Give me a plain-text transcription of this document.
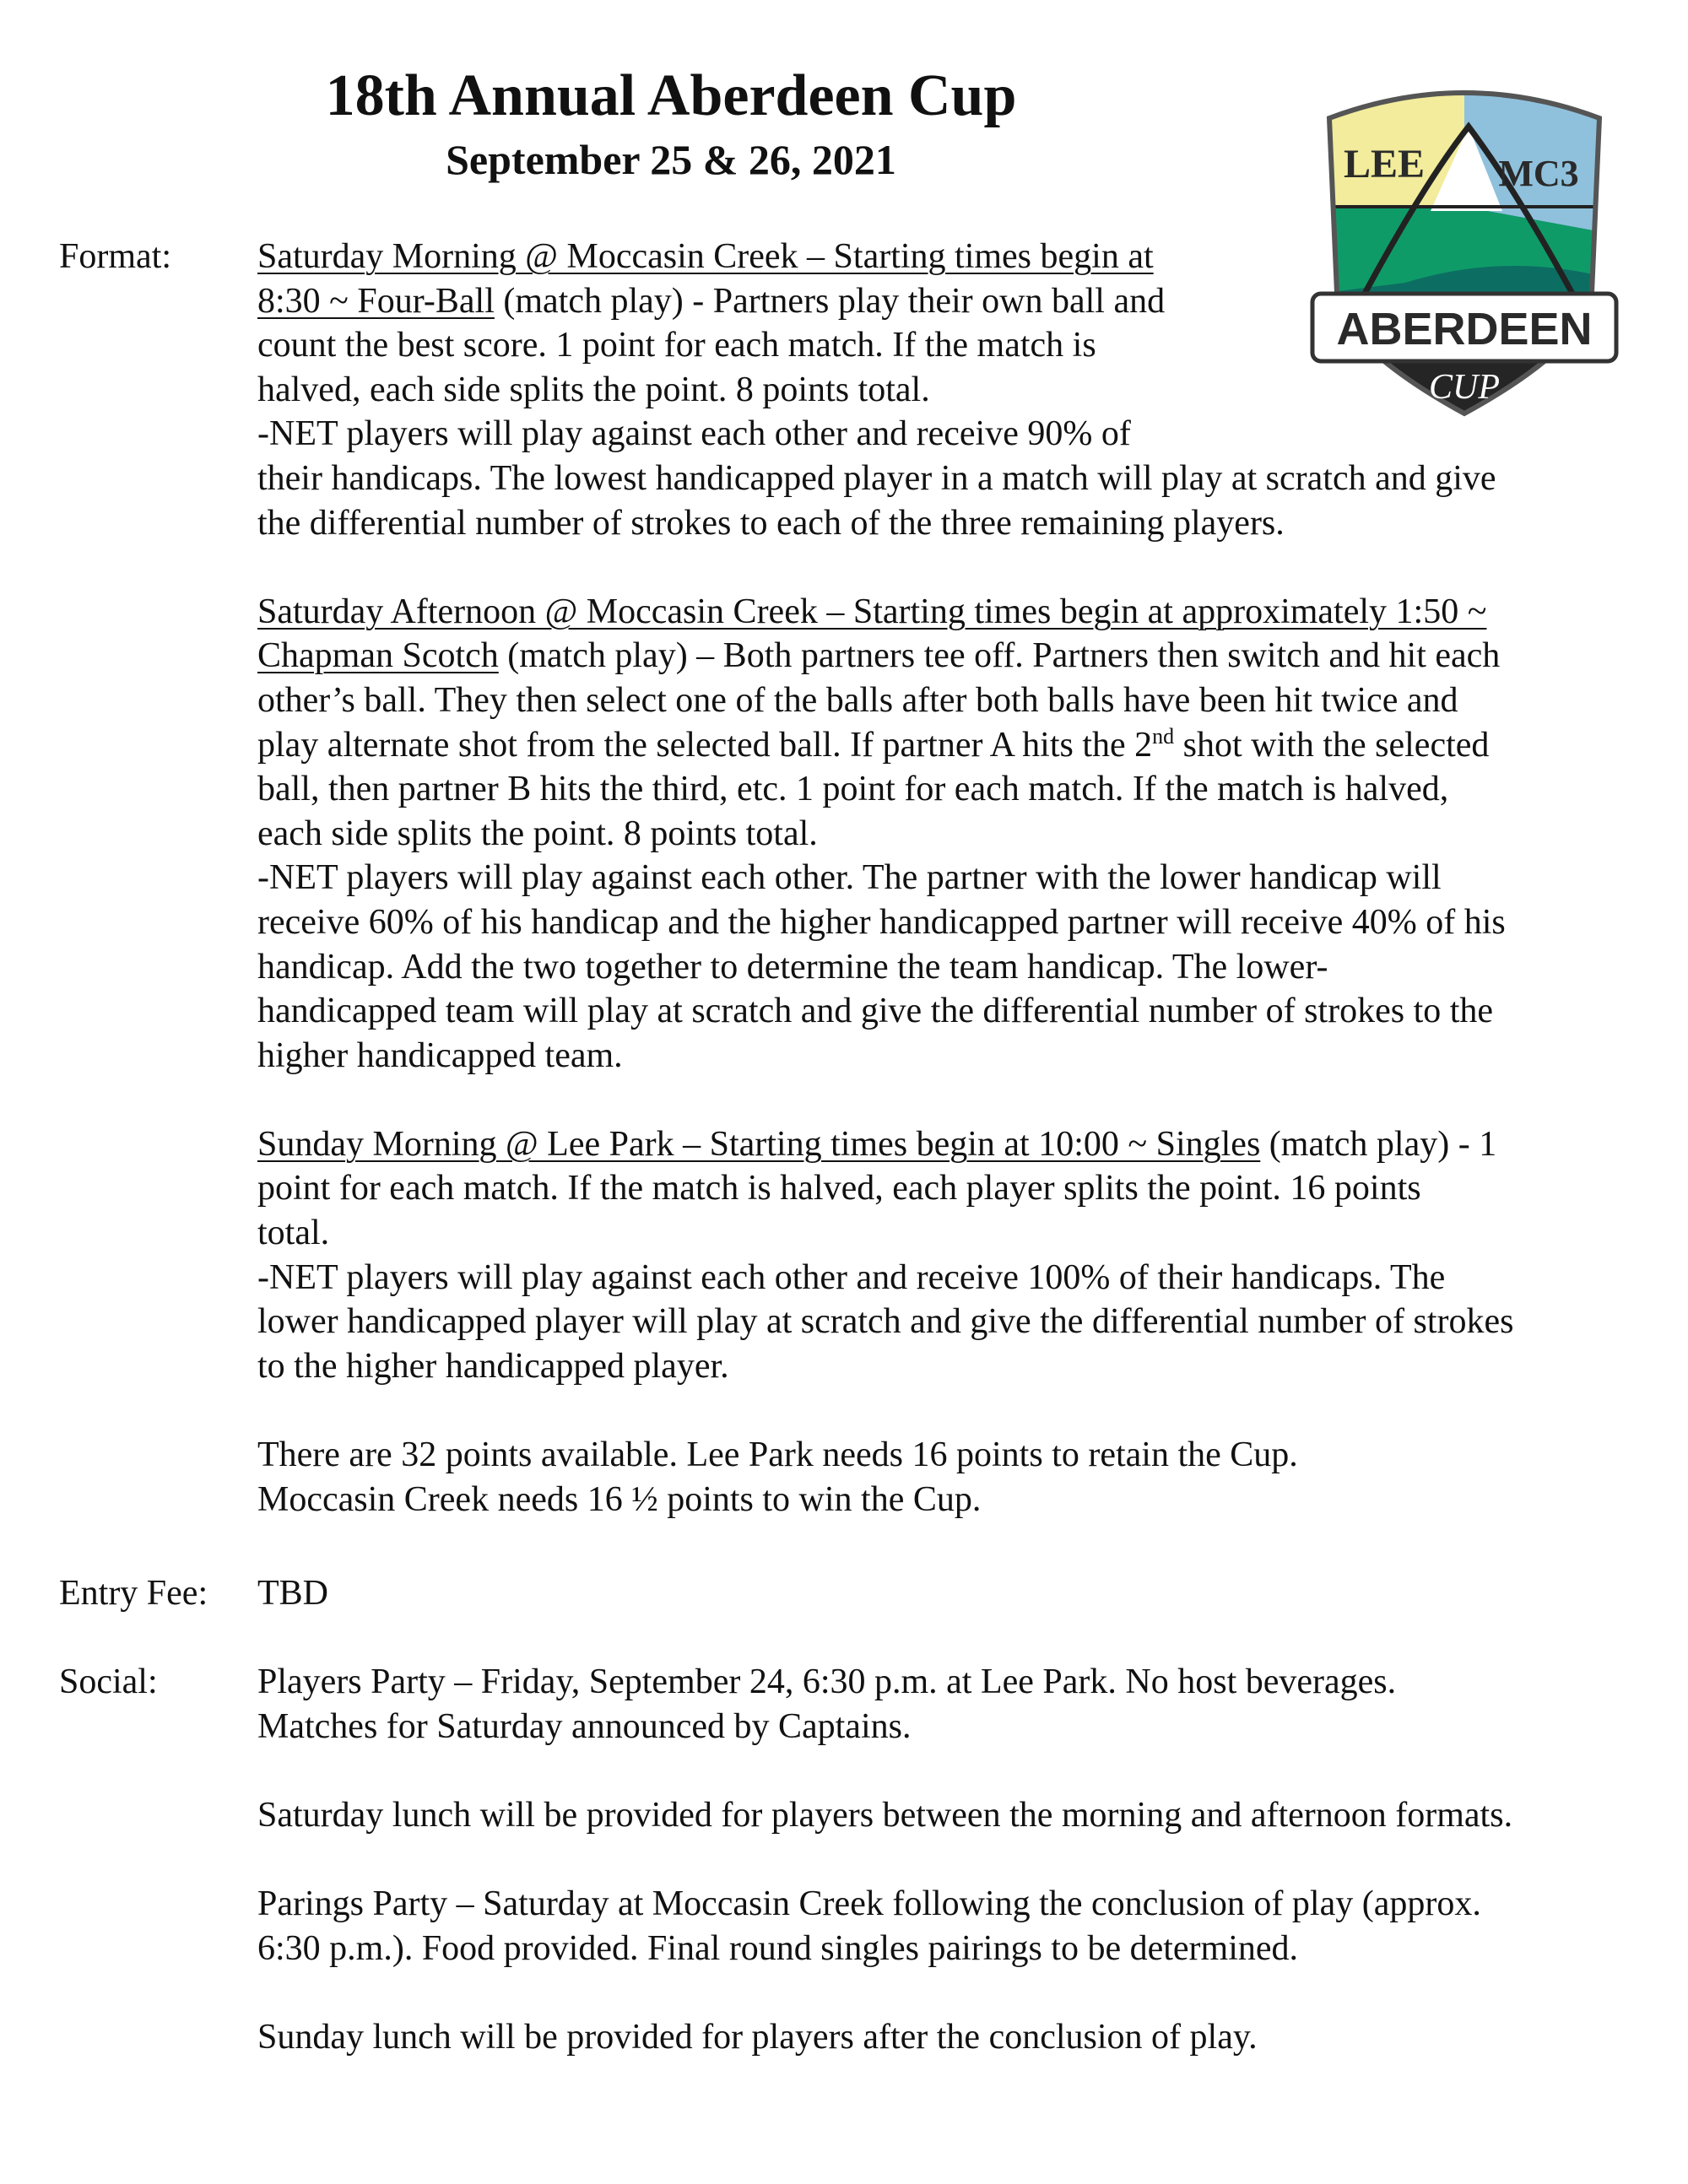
18th Annual Aberdeen Cup
September 25 & 26, 2021	LEE MC3
ABERDEEN
CUP
Format:
Entry Fee:
Social:

Saturday Morning @ Moccasin Creek – Starting times begin at
8:30 ~ Four-Ball (match play) - Partners play their own ball and
count the best score. 1 point for each match. If the match is
halved, each side splits the point. 8 points total.
-NET players will play against each other and receive 90% of
their handicaps. The lowest handicapped player in a match will play at scratch and give
the differential number of strokes to each of the three remaining players.

Saturday Afternoon @ Moccasin Creek – Starting times begin at approximately 1:50 ~
Chapman Scotch (match play) – Both partners tee off. Partners then switch and hit each
other’s ball. They then select one of the balls after both balls have been hit twice and
play alternate shot from the selected ball. If partner A hits the 2nd shot with the selected
ball, then partner B hits the third, etc. 1 point for each match. If the match is halved,
each side splits the point. 8 points total.
-NET players will play against each other. The partner with the lower handicap will
receive 60% of his handicap and the higher handicapped partner will receive 40% of his
handicap. Add the two together to determine the team handicap. The lower-
handicapped team will play at scratch and give the differential number of strokes to the
higher handicapped team.

Sunday Morning @ Lee Park – Starting times begin at 10:00 ~ Singles (match play) - 1
point for each match. If the match is halved, each player splits the point. 16 points
total.
-NET players will play against each other and receive 100% of their handicaps. The
lower handicapped player will play at scratch and give the differential number of strokes
to the higher handicapped player.

There are 32 points available. Lee Park needs 16 points to retain the Cup.
Moccasin Creek needs 16 ½ points to win the Cup.

TBD

Players Party – Friday, September 24, 6:30 p.m. at Lee Park. No host beverages.
Matches for Saturday announced by Captains.

Saturday lunch will be provided for players between the morning and afternoon formats.

Parings Party – Saturday at Moccasin Creek following the conclusion of play (approx.
6:30 p.m.). Food provided. Final round singles pairings to be determined.

Sunday lunch will be provided for players after the conclusion of play.
